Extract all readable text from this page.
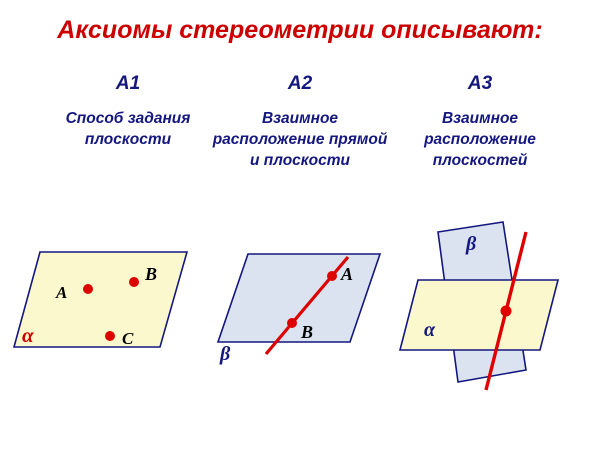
Аксиомы стереометрии описывают:
А1
Способ задания плоскости
А2
Взаимное расположение прямой и плоскости
А3
Взаимное расположение плоскостей
A
B
C
α
A
B
β
β
α
